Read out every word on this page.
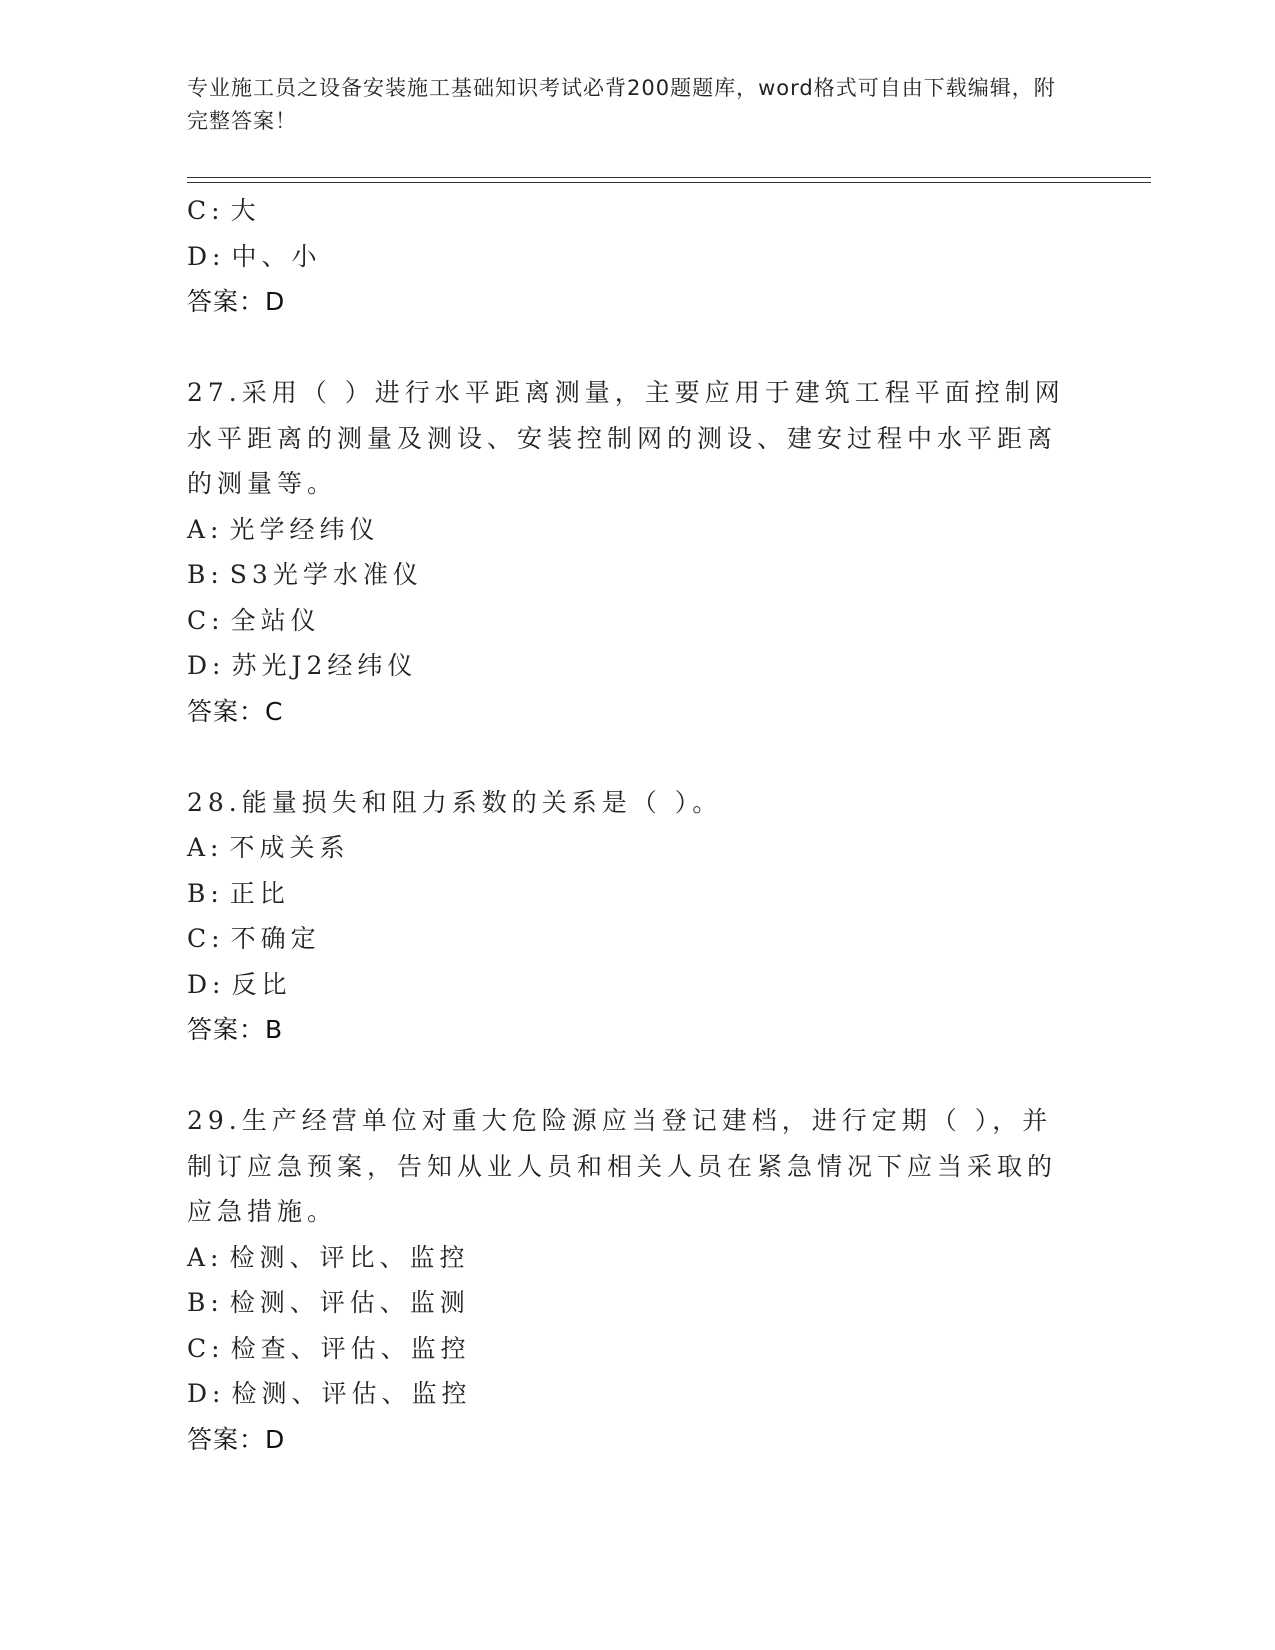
专业施工员之设备安装施工基础知识考试必背200题题库，word格式可自由下载编辑，附完整答案！
C: 大
D: 中、小
答案：D
27.采用（ ）进行水平距离测量，主要应用于建筑工程平面控制网水平距离的测量及测设、安装控制网的测设、建安过程中水平距离的测量等。
A: 光学经纬仪
B: S3光学水准仪
C: 全站仪
D: 苏光J2经纬仪
答案：C
28.能量损失和阻力系数的关系是（ ）。
A: 不成关系
B: 正比
C: 不确定
D: 反比
答案：B
29.生产经营单位对重大危险源应当登记建档，进行定期（ ），并制订应急预案，告知从业人员和相关人员在紧急情况下应当采取的应急措施。
A: 检测、评比、监控
B: 检测、评估、监测
C: 检查、评估、监控
D: 检测、评估、监控
答案：D
